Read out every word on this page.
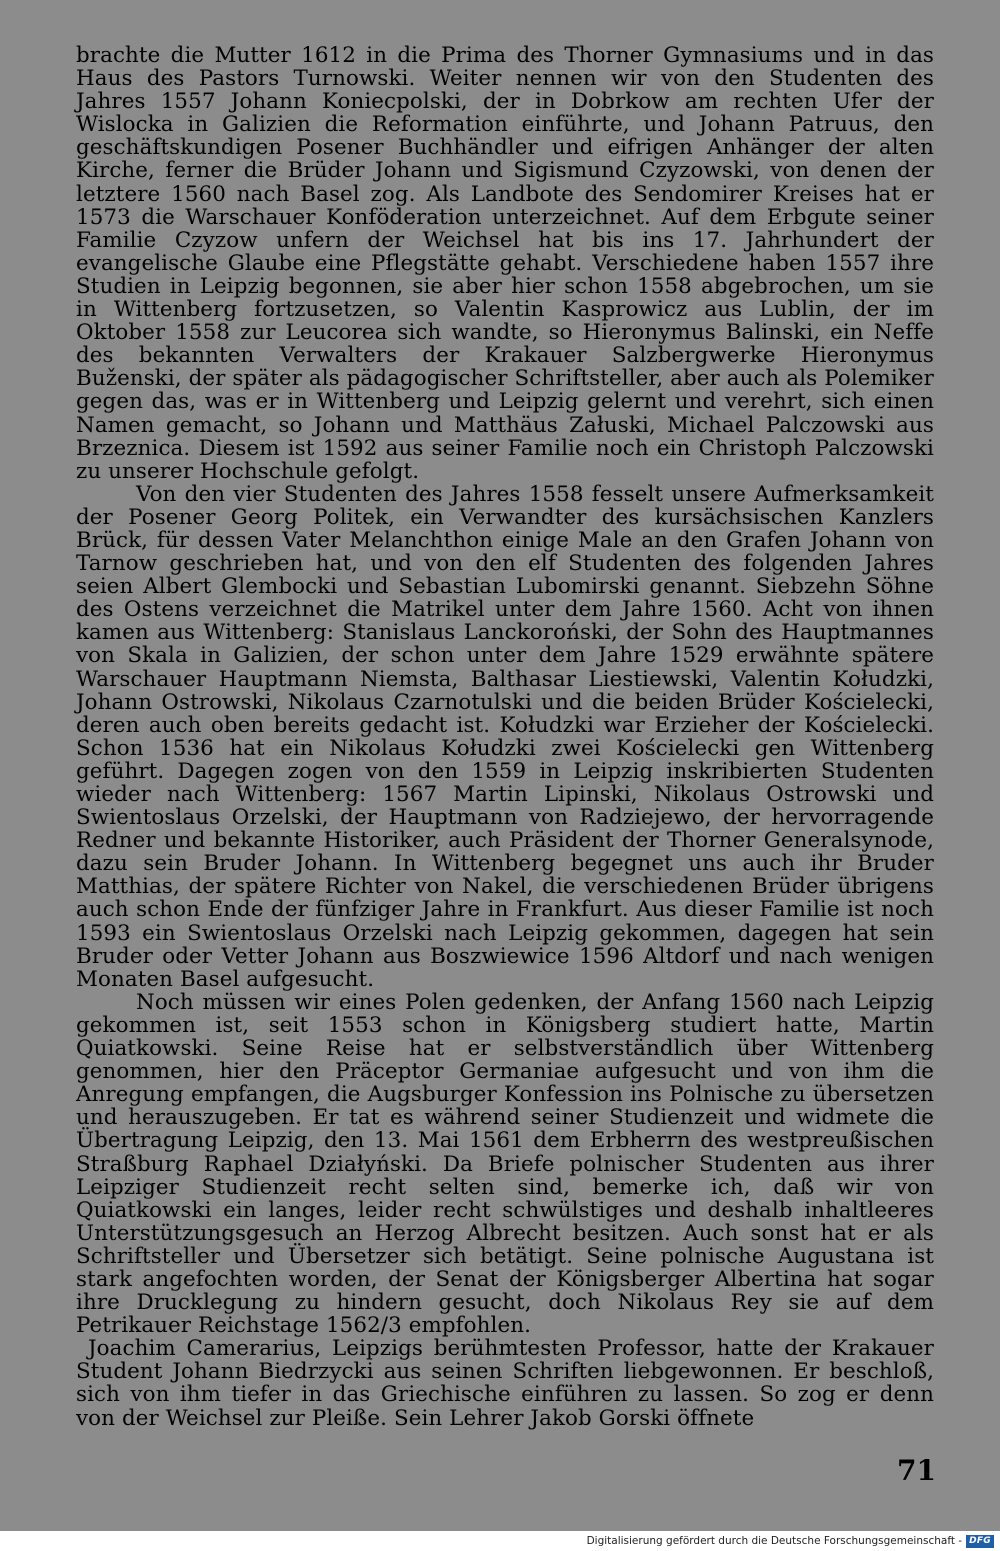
brachte die Mutter 1612 in die Prima des Thorner Gymnasiums und in das Haus des Pastors Turnowski. Weiter nennen wir von den Studenten des Jahres 1557 Johann Koniecpolski, der in Dobrkow am rechten Ufer der Wislocka in Galizien die Reformation einführte, und Johann Patruus, den geschäftskundigen Posener Buchhändler und eifrigen Anhänger der alten Kirche, ferner die Brüder Johann und Sigismund Czyzowski, von denen der letztere 1560 nach Basel zog. Als Landbote des Sendomirer Kreises hat er 1573 die Warschauer Konföderation unterzeichnet. Auf dem Erbgute seiner Familie Czyzow unfern der Weichsel hat bis ins 17. Jahrhundert der evangelische Glaube eine Pflegstätte gehabt. Verschiedene haben 1557 ihre Studien in Leipzig begonnen, sie aber hier schon 1558 abgebrochen, um sie in Wittenberg fortzusetzen, so Valentin Kasprowicz aus Lublin, der im Oktober 1558 zur Leucorea sich wandte, so Hieronymus Balinski, ein Neffe des bekannten Verwalters der Krakauer Salzbergwerke Hieronymus Buženski, der später als pädagogischer Schriftsteller, aber auch als Polemiker gegen das, was er in Wittenberg und Leipzig gelernt und verehrt, sich einen Namen gemacht, so Johann und Matthäus Załuski, Michael Palczowski aus Brzeznica. Diesem ist 1592 aus seiner Familie noch ein Christoph Palczowski zu unserer Hochschule gefolgt.

Von den vier Studenten des Jahres 1558 fesselt unsere Aufmerksamkeit der Posener Georg Politek, ein Verwandter des kursächsischen Kanzlers Brück, für dessen Vater Melanchthon einige Male an den Grafen Johann von Tarnow geschrieben hat, und von den elf Studenten des folgenden Jahres seien Albert Glembocki und Sebastian Lubomirski genannt. Siebzehn Söhne des Ostens verzeichnet die Matrikel unter dem Jahre 1560. Acht von ihnen kamen aus Wittenberg: Stanislaus Lanckoroński, der Sohn des Hauptmannes von Skala in Galizien, der schon unter dem Jahre 1529 erwähnte spätere Warschauer Hauptmann Niemsta, Balthasar Liestiewski, Valentin Kołudzki, Johann Ostrowski, Nikolaus Czarnotulski und die beiden Brüder Kościelecki, deren auch oben bereits gedacht ist. Kołudzki war Erzieher der Kościelecki. Schon 1536 hat ein Nikolaus Kołudzki zwei Kościelecki gen Wittenberg geführt. Dagegen zogen von den 1559 in Leipzig inskribierten Studenten wieder nach Wittenberg: 1567 Martin Lipinski, Nikolaus Ostrowski und Swientoslaus Orzelski, der Hauptmann von Radziejewo, der hervorragende Redner und bekannte Historiker, auch Präsident der Thorner Generalsynode, dazu sein Bruder Johann. In Wittenberg begegnet uns auch ihr Bruder Matthias, der spätere Richter von Nakel, die verschiedenen Brüder übrigens auch schon Ende der fünfziger Jahre in Frankfurt. Aus dieser Familie ist noch 1593 ein Swientoslaus Orzelski nach Leipzig gekommen, dagegen hat sein Bruder oder Vetter Johann aus Boszwiewice 1596 Altdorf und nach wenigen Monaten Basel aufgesucht.

Noch müssen wir eines Polen gedenken, der Anfang 1560 nach Leipzig gekommen ist, seit 1553 schon in Königsberg studiert hatte, Martin Quiatkowski. Seine Reise hat er selbstverständlich über Wittenberg genommen, hier den Präceptor Germaniae aufgesucht und von ihm die Anregung empfangen, die Augsburger Konfession ins Polnische zu übersetzen und herauszugeben. Er tat es während seiner Studienzeit und widmete die Übertragung Leipzig, den 13. Mai 1561 dem Erbherrn des westpreußischen Straßburg Raphael Działyński. Da Briefe polnischer Studenten aus ihrer Leipziger Studienzeit recht selten sind, bemerke ich, daß wir von Quiatkowski ein langes, leider recht schwülstiges und deshalb inhaltleeres Unterstützungsgesuch an Herzog Albrecht besitzen. Auch sonst hat er als Schriftsteller und Übersetzer sich betätigt. Seine polnische Augustana ist stark angefochten worden, der Senat der Königsberger Albertina hat sogar ihre Drucklegung zu hindern gesucht, doch Nikolaus Rey sie auf dem Petrikauer Reichstage 1562/3 empfohlen.

Joachim Camerarius, Leipzigs berühmtesten Professor, hatte der Krakauer Student Johann Biedrzycki aus seinen Schriften liebgewonnen. Er beschloß, sich von ihm tiefer in das Griechische einführen zu lassen. So zog er denn von der Weichsel zur Pleiße. Sein Lehrer Jakob Gorski öffnete

71
Digitalisierung gefördert durch die Deutsche Forschungsgemeinschaft - DFG
